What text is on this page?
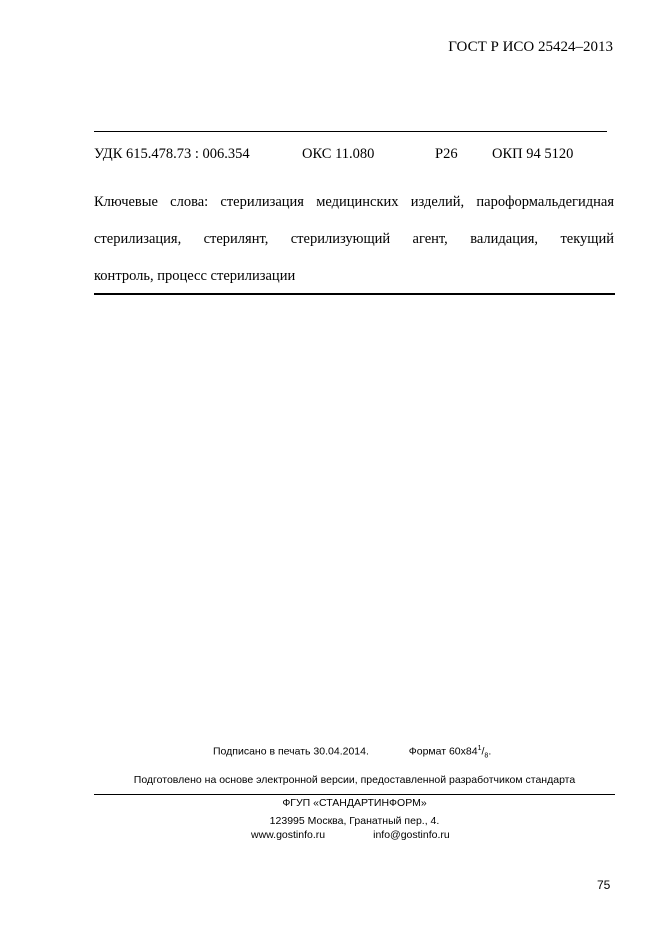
ГОСТ Р ИСО 25424–2013
УДК 615.478.73 : 006.354	ОКС 11.080	Р26 ОКП 94 5120

Ключевые слова: стерилизация медицинских изделий, пароформальдегидная

стерилизация, стерилянт, стерилизующий агент, валидация, текущий

контроль, процесс стерилизации

Подписано в печать 30.04.2014.	Формат $60x84^1/_8$.
Подготовлено на основе электронной версии, предоставленной разработчиком стандарта
ФГУП «СТАНДАРТИНФОРМ»
123995 Москва, Гранатный пер., 4.
www.gostinfo.ru	info@gostinfo.ru
75
